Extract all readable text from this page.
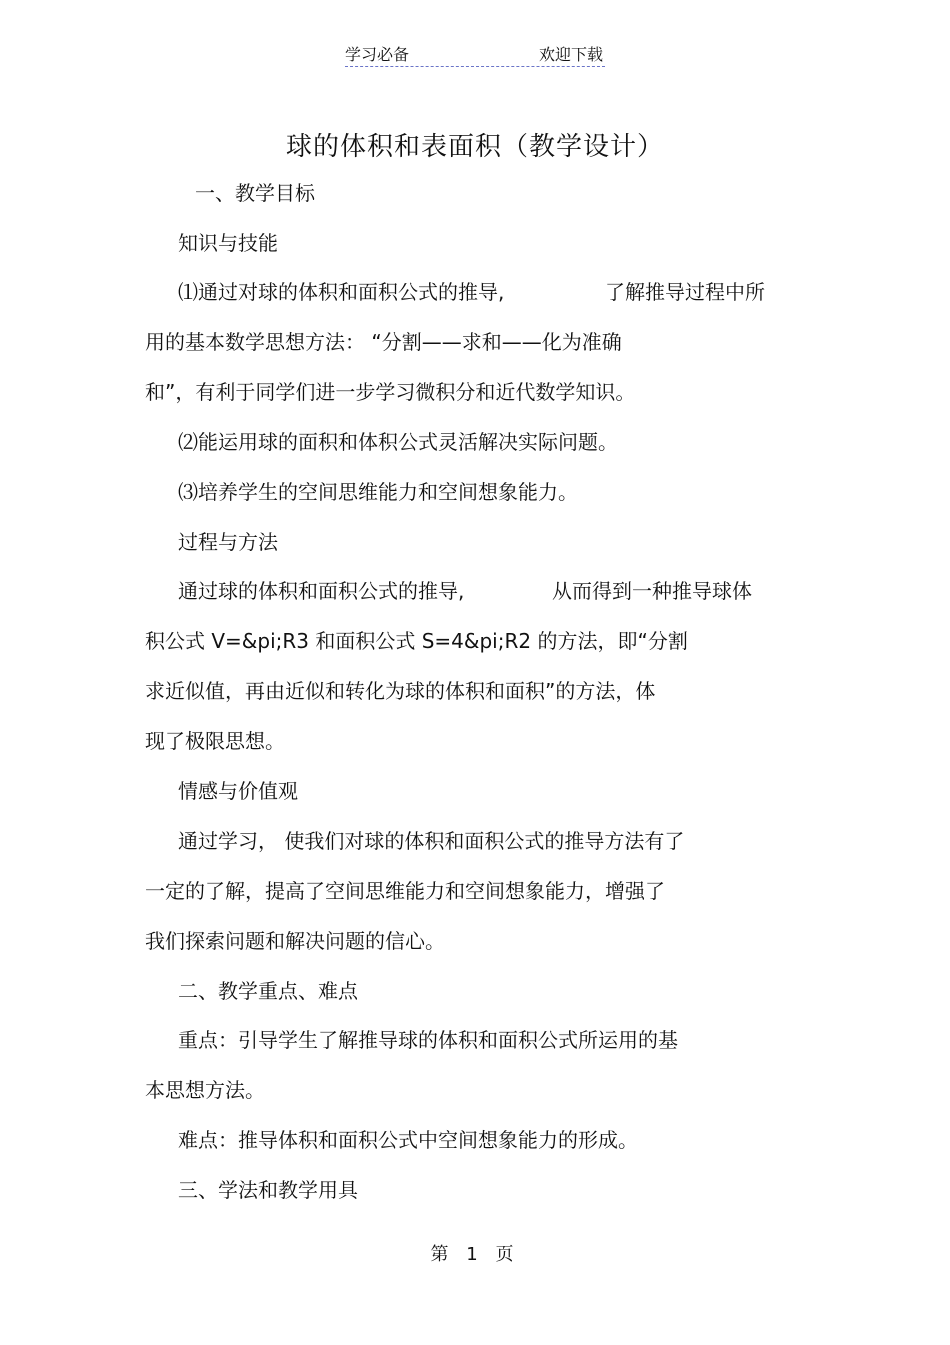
学习必备	欢迎下载
球的体积和表面积（教学设计）
一、教学目标
知识与技能
⑴通过对球的体积和面积公式的推导,	了解推导过程中所
用的基本数学思想方法： “分割——求和——化为准确
和”，有利于同学们进一步学习微积分和近代数学知识。
⑵能运用球的面积和体积公式灵活解决实际问题。
⑶培养学生的空间思维能力和空间想象能力。
过程与方法
通过球的体积和面积公式的推导,	从而得到一种推导球体
积公式 V=&pi;R3 和面积公式 S=4&pi;R2 的方法，即“分割
求近似值，再由近似和转化为球的体积和面积”的方法，体
现了极限思想。
情感与价值观
通过学习， 使我们对球的体积和面积公式的推导方法有了
一定的了解，提高了空间思维能力和空间想象能力，增强了
我们探索问题和解决问题的信心。
二、教学重点、难点
重点：引导学生了解推导球的体积和面积公式所运用的基
本思想方法。
难点：推导体积和面积公式中空间想象能力的形成。
三、学法和教学用具
第 1 页
